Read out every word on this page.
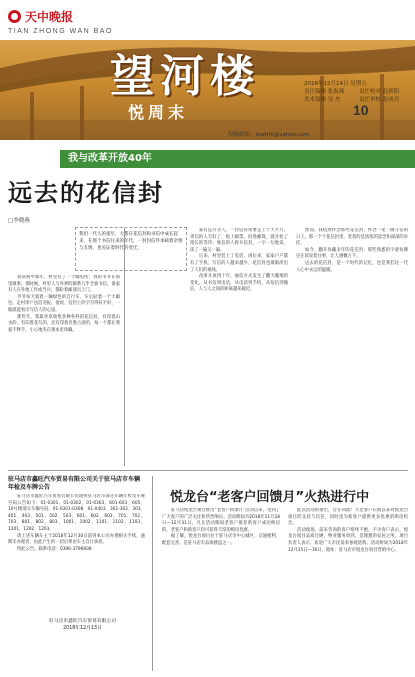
天中晚报
TIAN ZHONG WAN BAO
10
望河楼
悦周末
2018年12月14日 星期五
责任编辑 张海燕	责任校对 赵新阳
美术编辑 吴 杰	责任审校 赵成亮
投稿邮箱：tzwbfk@yahoo.com
我与改革开放40年
远去的花信封
□李晓燕

我们一代人的童年，大都在花信封和书信中成长起来，在那个书信往来的年代，一封封信件承载着亲情与友情，也见证着时代的变迁。

我读初中那年，村里有了一个邮电所，我的爷爷在那里做事。那时候，村里人与外界的联系几乎全靠书信，谁家有人在外地工作或当兵，都盼着邮递员上门。

爷爷每天骑着一辆绿色的自行车，车后驮着一个大邮包，走村串户送信送报。他说，信封上的字写得好不好，一眼就能看出写信人的心思。

那些年，我最喜欢收集各种各样的花信封，有印着山水的，有印着花鸟的，还有印着名胜古迹的，每一个都让我爱不释手，小心地夹在课本里珍藏。

家有远方亲人，一封信常常要走上十天半月。寄信的人写好了，贴上邮票，投进邮筒，就开始了漫长的等待；收信的人拆开信封，一字一句地读，读了一遍又一遍。

后来，村里装上了电话，再后来，家家户户都有了手机，写信的人越来越少，花信封也渐渐淡出了人们的视线。

改革开放四十年，通信方式发生了翻天覆地的变化，从书信到电话，从电话到手机，从短信到微信，人与人之间的距离越来越近。

然而，我依然怀念那些花信封，怀念一笔一画写信的日子。那一个个花信封里，装着的是浓浓的思念和深深的牵挂。

如今，翻开珍藏多年的花信封，那些熟悉的字迹仿佛还在诉说着往事，让人感慨万千。

远去的花信封，是一个时代的记忆，也是我们这一代人心中永远的温暖。

驻马店市鑫旺汽车贸易有限公司关于驻马店市车辆年检及车牌公告

驻马店市鑫旺汽车贸易有限公司现将驻马店市部分车辆年检及车牌号码公告如下：01-0301、01-0302、01-0303、601-603、605、10号楼部分车辆号码，01-0301-0308、01-0403、301-302、303、401、403、501、502、503、601、602、603、701、702、703、801、802、803、1001、1002、1101、1102、1103、1201、1202、1203。

请上述车辆车主于2018年12月30日前到本公司办理相关手续，逾期未办理者，由此产生的一切后果由车主自行承担。

特此公告。联系电话：0396-3796608

驻马店市鑫旺汽车贸易有限公司
2018年12月13日
悦龙台“老客户回馈月”火热进行中

驻马店悦龙台项目推出“老客户回馈月”活动以来，受到了广大客户的广泛关注和热烈响应。活动期间为2018年11月28日—12月31日，凡在活动期间老客户推荐新客户成功购房的，老客户和新客户均可获得丰厚的购房优惠。

据了解，悦龙台项目位于驻马店市中心城区，交通便利，配套完善，是驻马店市品质楼盘之一。

此次活动的推出，旨在回馈广大老客户长期以来对悦龙台项目的支持与信任，同时也为新客户提供更多优惠的购房机会。

活动现场，前来咨询的客户络绎不绝，不少客户表示，悦龙台项目品质过硬，物业服务周到，是理想的安居之所。项目负责人表示，欢迎广大市民前来参观选购。活动时间为2018年12月15日—16日，地址：驻马店市悦龙台项目营销中心。
